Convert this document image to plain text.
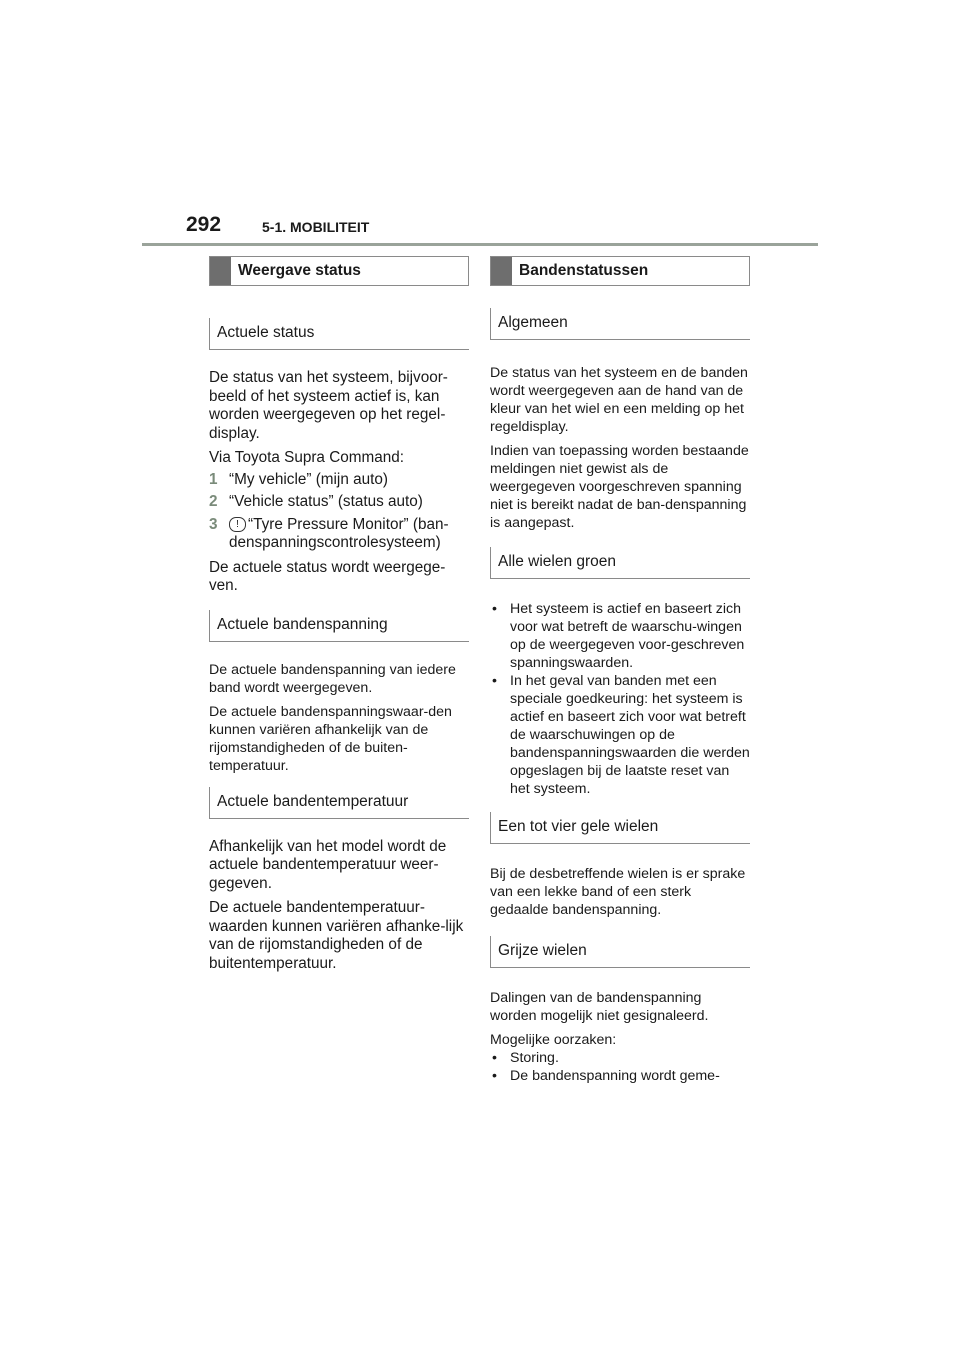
292	5-1. MOBILITEIT
Weergave status
Actuele status

De status van het systeem, bijvoor-beeld of het systeem actief is, kan worden weergegeven op het regel-display.

Via Toyota Supra Command:

1 “My vehicle” (mijn auto)
2 “Vehicle status” (status auto)
3	! “Tyre Pressure Monitor” (ban-denspanningscontrolesysteem)

De actuele status wordt weergege-ven.

Actuele bandenspanning

De actuele bandenspanning van iedere band wordt weergegeven.

De actuele bandenspanningswaar-den kunnen variëren afhankelijk van de rijomstandigheden of de buiten-temperatuur.

Actuele bandentemperatuur

Afhankelijk van het model wordt de actuele bandentemperatuur weer-gegeven.

De actuele bandentemperatuur-waarden kunnen variëren afhanke-lijk van de rijomstandigheden of de buitentemperatuur.

Bandenstatussen
Algemeen

De status van het systeem en de banden wordt weergegeven aan de hand van de kleur van het wiel en een melding op het regeldisplay.

Indien van toepassing worden bestaande meldingen niet gewist als de weergegeven voorgeschreven spanning niet is bereikt nadat de ban-denspanning is aangepast.

Alle wielen groen
• Het systeem is actief en baseert zich voor wat betreft de waarschu-wingen op de weergegeven voor-geschreven spanningswaarden.
• In het geval van banden met een speciale goedkeuring: het systeem is actief en baseert zich voor wat betreft de waarschuwingen op de bandenspanningswaarden die werden opgeslagen bij de laatste reset van het systeem.
Een tot vier gele wielen

Bij de desbetreffende wielen is er sprake van een lekke band of een sterk gedaalde bandenspanning.

Grijze wielen

Dalingen van de bandenspanning worden mogelijk niet gesignaleerd.

Mogelijke oorzaken:

• Storing.
• De bandenspanning wordt geme-
